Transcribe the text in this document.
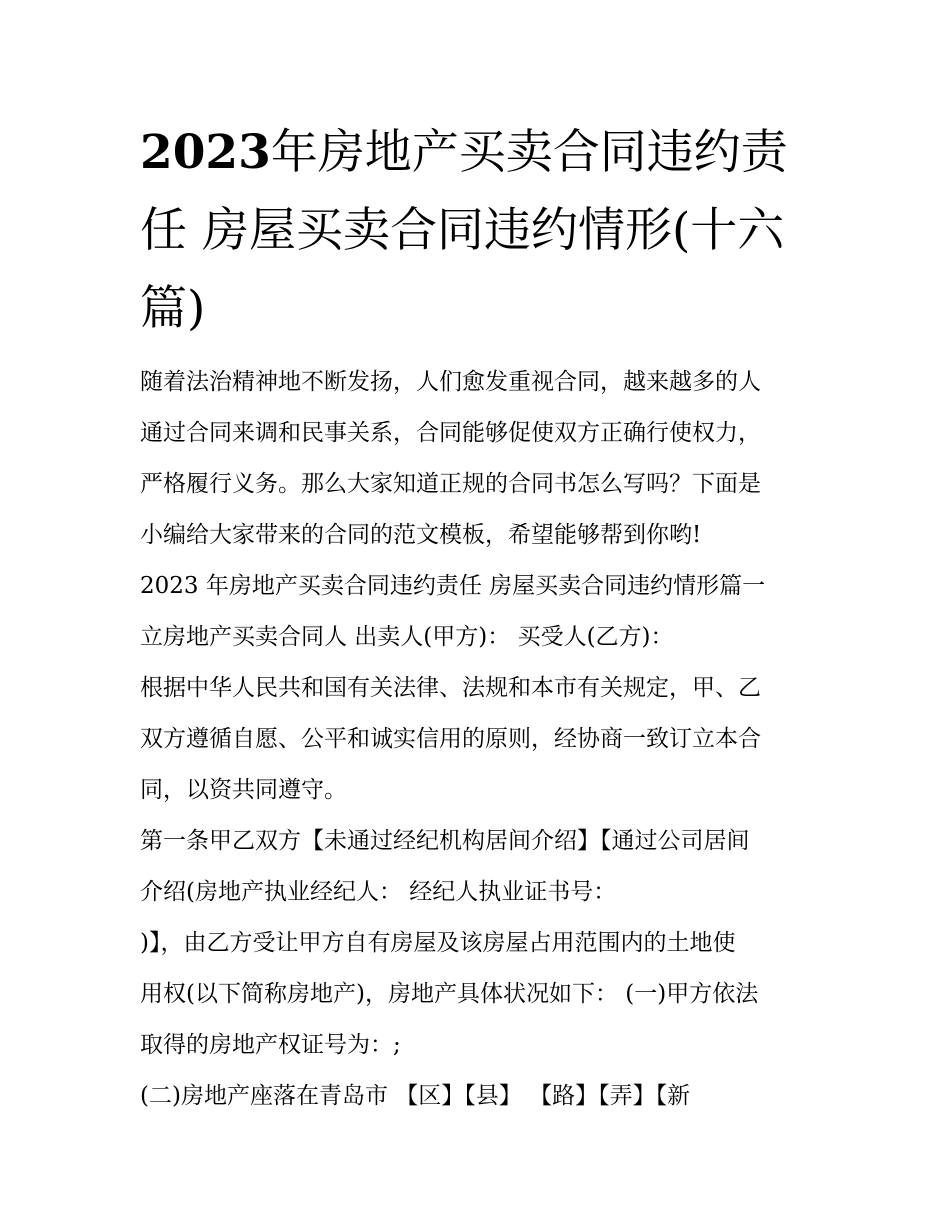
2023年房地产买卖合同违约责任 房屋买卖合同违约情形(十六篇)
随着法治精神地不断发扬，人们愈发重视合同，越来越多的人
通过合同来调和民事关系，合同能够促使双方正确行使权力，
严格履行义务。那么大家知道正规的合同书怎么写吗？下面是
小编给大家带来的合同的范文模板，希望能够帮到你哟!
2023 年房地产买卖合同违约责任 房屋买卖合同违约情形篇一
立房地产买卖合同人 出卖人(甲方)： 买受人(乙方)：
根据中华人民共和国有关法律、法规和本市有关规定，甲、乙
双方遵循自愿、公平和诚实信用的原则，经协商一致订立本合
同，以资共同遵守。
第一条甲乙双方【未通过经纪机构居间介绍】【通过公司居间
介绍(房地产执业经纪人： 经纪人执业证书号：
)】，由乙方受让甲方自有房屋及该房屋占用范围内的土地使
用权(以下简称房地产)，房地产具体状况如下： (一)甲方依法
取得的房地产权证号为：;
(二)房地产座落在青岛市 【区】【县】 【路】【弄】【新
